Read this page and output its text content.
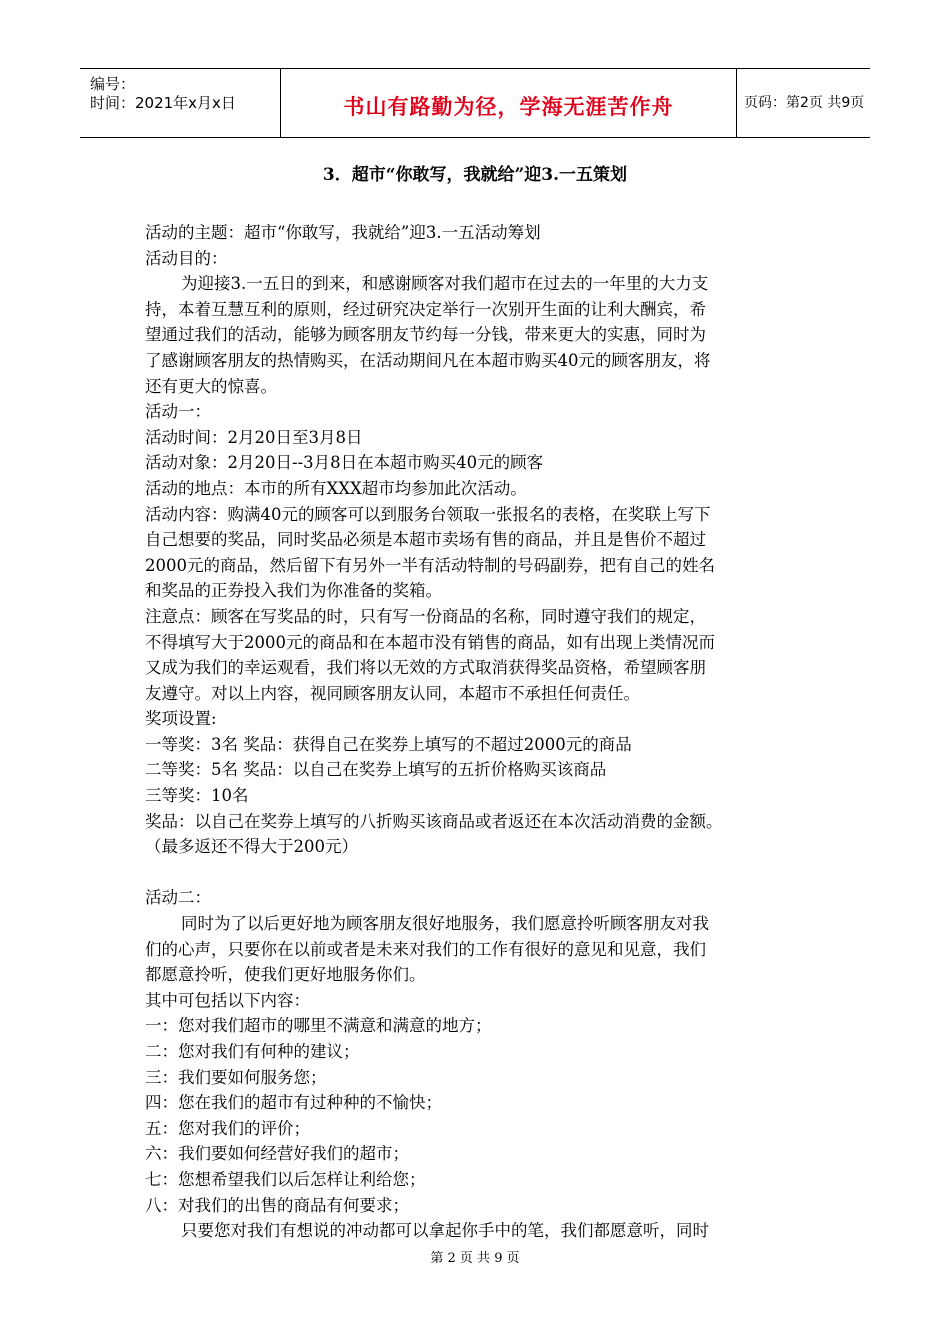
编号：
时间：2021年x月x日	书山有路勤为径，学海无涯苦作舟	页码：第2页 共9页
3．超市“你敢写，我就给”迎3.一五策划
活动的主题：超市“你敢写，我就给”迎3.一五活动筹划
活动目的：
为迎接3.一五日的到来，和感谢顾客对我们超市在过去的一年里的大力支
持，本着互慧互利的原则，经过研究决定举行一次别开生面的让利大酬宾，希
望通过我们的活动，能够为顾客朋友节约每一分钱，带来更大的实惠，同时为
了感谢顾客朋友的热情购买，在活动期间凡在本超市购买40元的顾客朋友，将
还有更大的惊喜。
活动一：
活动时间：2月20日至3月8日
活动对象：2月20日--3月8日在本超市购买40元的顾客
活动的地点：本市的所有XXX超市均参加此次活动。
活动内容：购满40元的顾客可以到服务台领取一张报名的表格，在奖联上写下
自己想要的奖品，同时奖品必须是本超市卖场有售的商品，并且是售价不超过
2000元的商品，然后留下有另外一半有活动特制的号码副券，把有自己的姓名
和奖品的正券投入我们为你准备的奖箱。
注意点：顾客在写奖品的时，只有写一份商品的名称，同时遵守我们的规定，
不得填写大于2000元的商品和在本超市没有销售的商品，如有出现上类情况而
又成为我们的幸运观看，我们将以无效的方式取消获得奖品资格，希望顾客朋
友遵守。对以上内容，视同顾客朋友认同，本超市不承担任何责任。
奖项设置:
一等奖：3名 奖品：获得自己在奖券上填写的不超过2000元的商品
二等奖：5名 奖品：以自己在奖券上填写的五折价格购买该商品
三等奖：10名
奖品：以自己在奖券上填写的八折购买该商品或者返还在本次活动消费的金额。
（最多返还不得大于200元）
活动二：
同时为了以后更好地为顾客朋友很好地服务，我们愿意拎听顾客朋友对我
们的心声，只要你在以前或者是未来对我们的工作有很好的意见和见意，我们
都愿意拎听，使我们更好地服务你们。
其中可包括以下内容：
一：您对我们超市的哪里不满意和满意的地方；
二：您对我们有何种的建议；
三：我们要如何服务您；
四：您在我们的超市有过种种的不愉快；
五：您对我们的评价；
六：我们要如何经营好我们的超市；
七：您想希望我们以后怎样让利给您；
八：对我们的出售的商品有何要求；
只要您对我们有想说的冲动都可以拿起你手中的笔，我们都愿意听，同时
第 2 页 共 9 页
